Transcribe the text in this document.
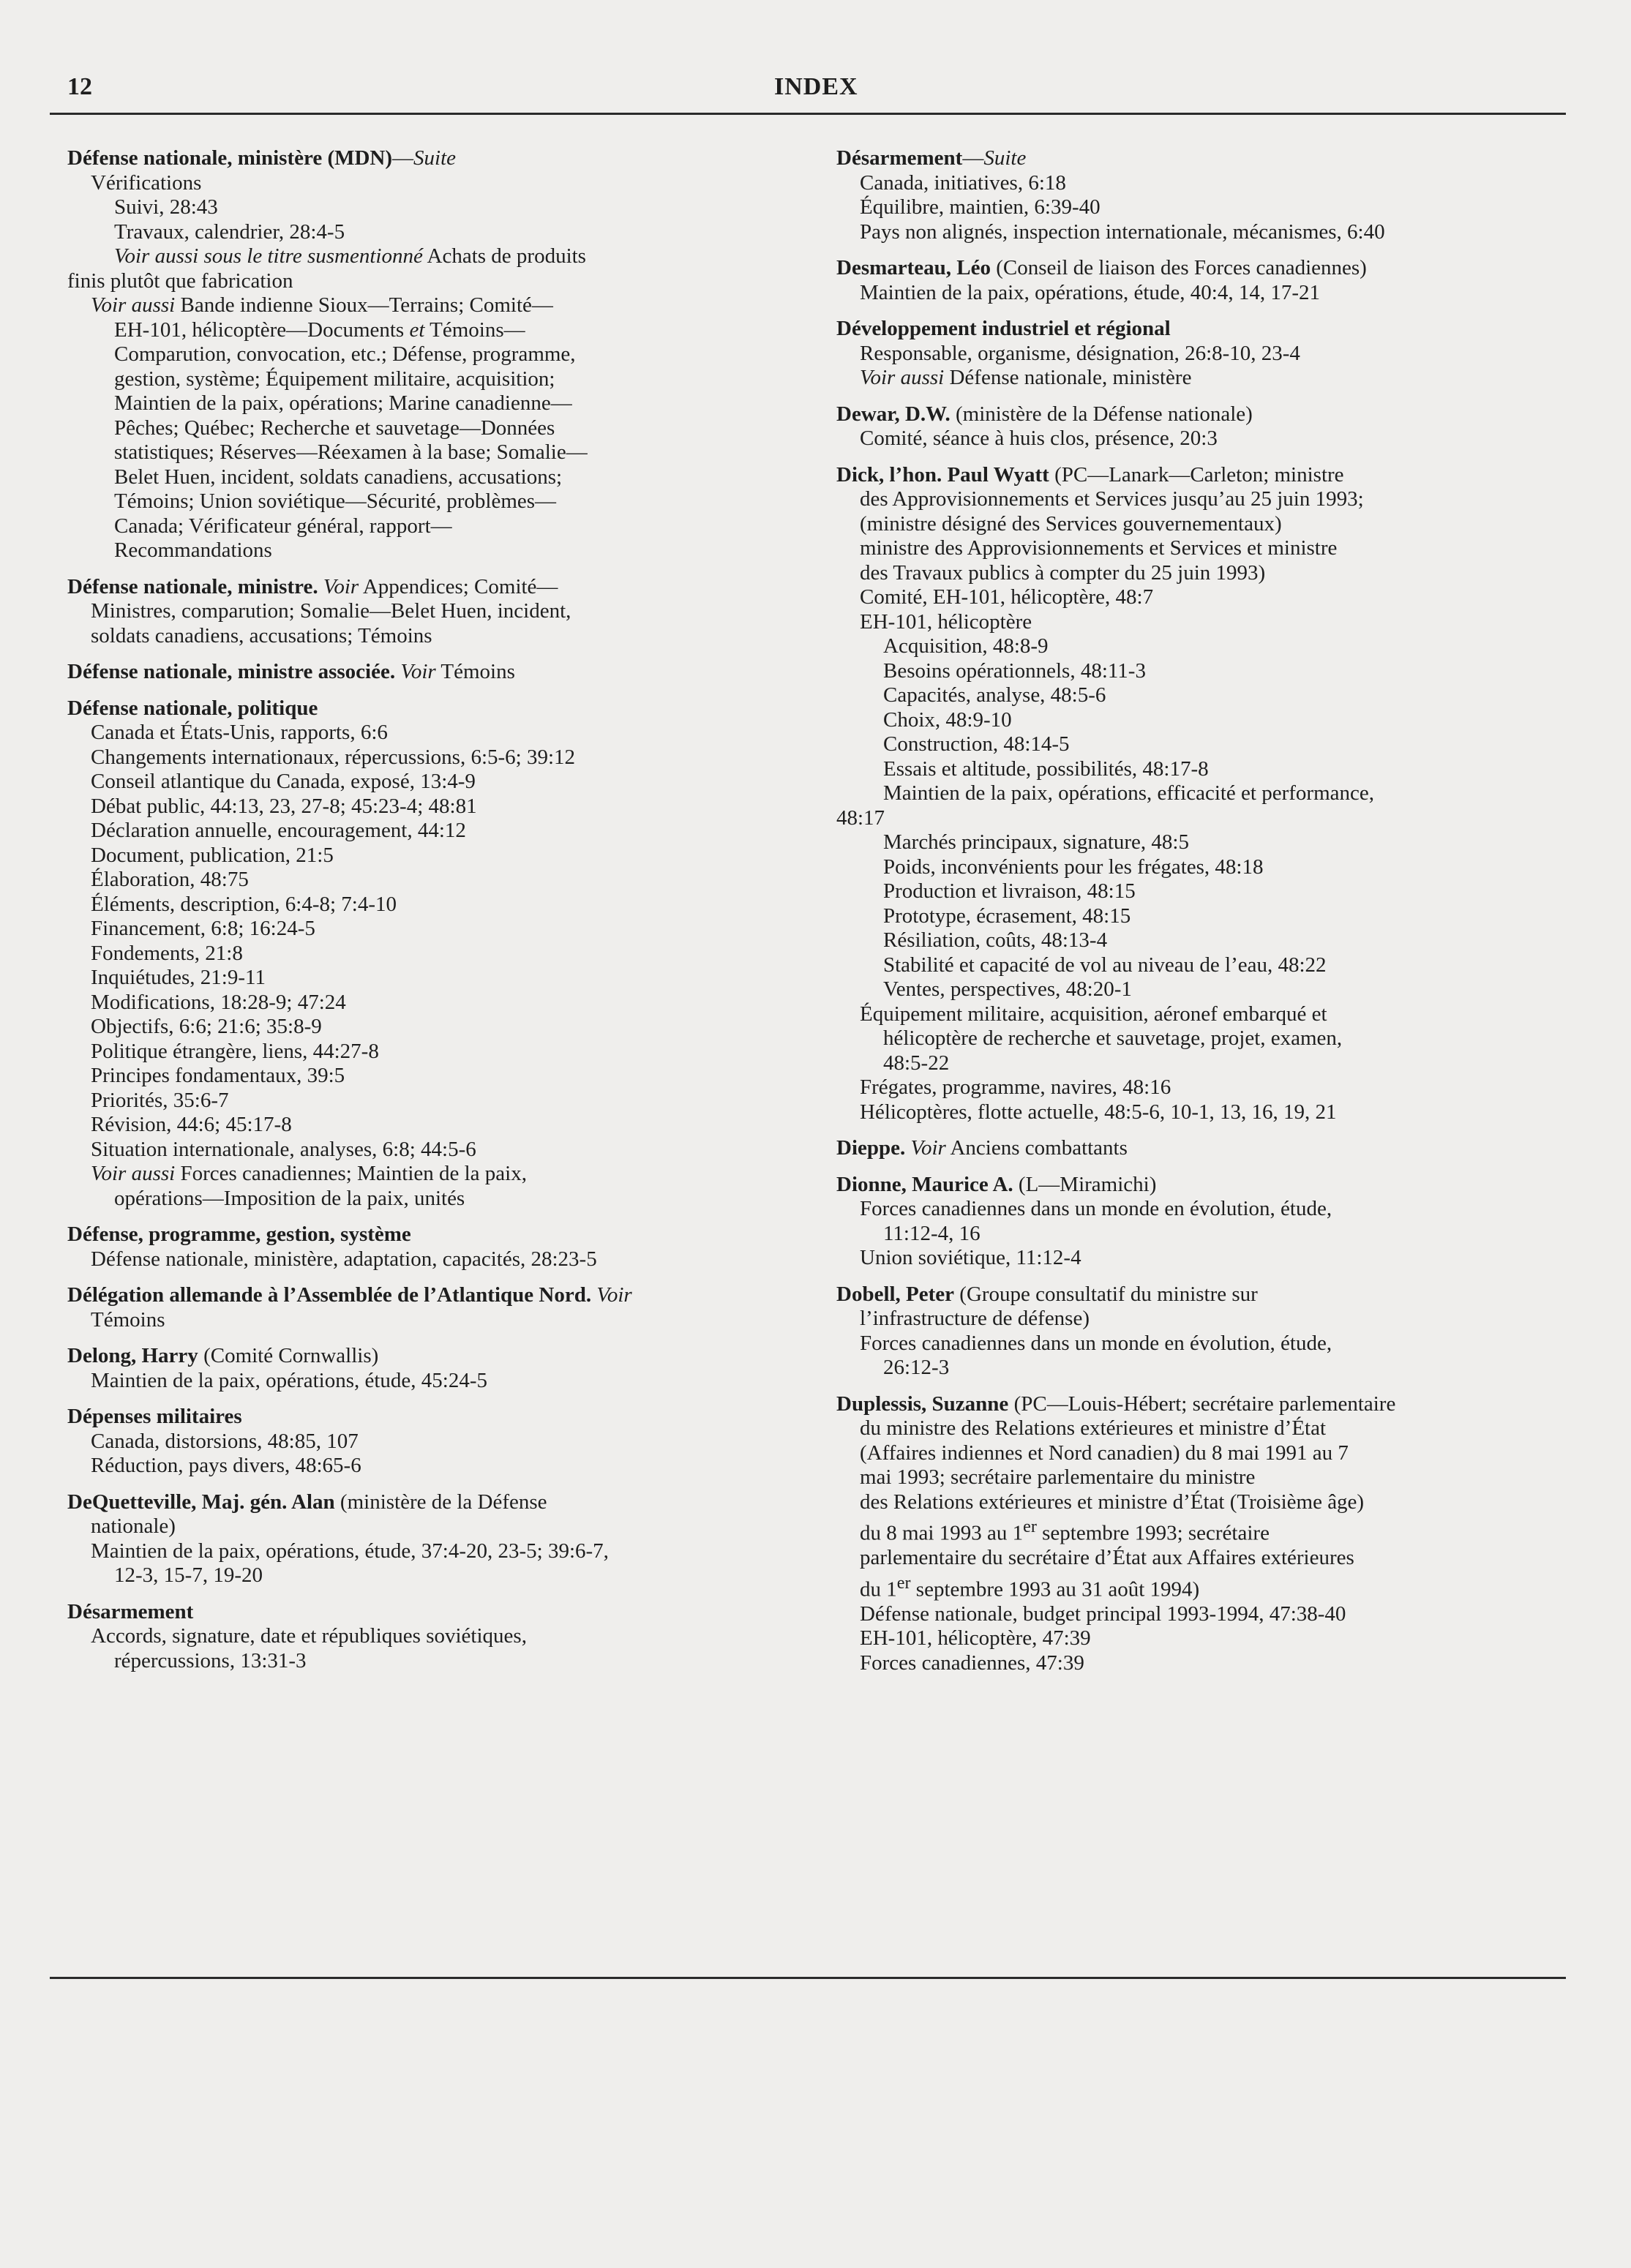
12	INDEX
Défense nationale, ministère (MDN)—Suite
Vérifications
Suivi, 28:43
Travaux, calendrier, 28:4-5
Voir aussi sous le titre susmentionné Achats de produits
finis plutôt que fabrication
Voir aussi Bande indienne Sioux—Terrains; Comité—
EH-101, hélicoptère—Documents et Témoins—
Comparution, convocation, etc.; Défense, programme,
gestion, système; Équipement militaire, acquisition;
Maintien de la paix, opérations; Marine canadienne—
Pêches; Québec; Recherche et sauvetage—Données
statistiques; Réserves—Réexamen à la base; Somalie—
Belet Huen, incident, soldats canadiens, accusations;
Témoins; Union soviétique—Sécurité, problèmes—
Canada; Vérificateur général, rapport—
Recommandations
Défense nationale, ministre. Voir Appendices; Comité—
Ministres, comparution; Somalie—Belet Huen, incident,
soldats canadiens, accusations; Témoins
Défense nationale, ministre associée. Voir Témoins
Défense nationale, politique
Canada et États-Unis, rapports, 6:6
Changements internationaux, répercussions, 6:5-6; 39:12
Conseil atlantique du Canada, exposé, 13:4-9
Débat public, 44:13, 23, 27-8; 45:23-4; 48:81
Déclaration annuelle, encouragement, 44:12
Document, publication, 21:5
Élaboration, 48:75
Éléments, description, 6:4-8; 7:4-10
Financement, 6:8; 16:24-5
Fondements, 21:8
Inquiétudes, 21:9-11
Modifications, 18:28-9; 47:24
Objectifs, 6:6; 21:6; 35:8-9
Politique étrangère, liens, 44:27-8
Principes fondamentaux, 39:5
Priorités, 35:6-7
Révision, 44:6; 45:17-8
Situation internationale, analyses, 6:8; 44:5-6
Voir aussi Forces canadiennes; Maintien de la paix,
opérations—Imposition de la paix, unités
Défense, programme, gestion, système
Défense nationale, ministère, adaptation, capacités, 28:23-5
Délégation allemande à l’Assemblée de l’Atlantique Nord. Voir
Témoins
Delong, Harry (Comité Cornwallis)
Maintien de la paix, opérations, étude, 45:24-5
Dépenses militaires
Canada, distorsions, 48:85, 107
Réduction, pays divers, 48:65-6
DeQuetteville, Maj. gén. Alan (ministère de la Défense
nationale)
Maintien de la paix, opérations, étude, 37:4-20, 23-5; 39:6-7,
12-3, 15-7, 19-20
Désarmement
Accords, signature, date et républiques soviétiques,
répercussions, 13:31-3
Désarmement—Suite
Canada, initiatives, 6:18
Équilibre, maintien, 6:39-40
Pays non alignés, inspection internationale, mécanismes, 6:40
Desmarteau, Léo (Conseil de liaison des Forces canadiennes)
Maintien de la paix, opérations, étude, 40:4, 14, 17-21
Développement industriel et régional
Responsable, organisme, désignation, 26:8-10, 23-4
Voir aussi Défense nationale, ministère
Dewar, D.W. (ministère de la Défense nationale)
Comité, séance à huis clos, présence, 20:3
Dick, l’hon. Paul Wyatt (PC—Lanark—Carleton; ministre
des Approvisionnements et Services jusqu’au 25 juin 1993;
(ministre désigné des Services gouvernementaux)
ministre des Approvisionnements et Services et ministre
des Travaux publics à compter du 25 juin 1993)
Comité, EH-101, hélicoptère, 48:7
EH-101, hélicoptère
Acquisition, 48:8-9
Besoins opérationnels, 48:11-3
Capacités, analyse, 48:5-6
Choix, 48:9-10
Construction, 48:14-5
Essais et altitude, possibilités, 48:17-8
Maintien de la paix, opérations, efficacité et performance,
48:17
Marchés principaux, signature, 48:5
Poids, inconvénients pour les frégates, 48:18
Production et livraison, 48:15
Prototype, écrasement, 48:15
Résiliation, coûts, 48:13-4
Stabilité et capacité de vol au niveau de l’eau, 48:22
Ventes, perspectives, 48:20-1
Équipement militaire, acquisition, aéronef embarqué et
hélicoptère de recherche et sauvetage, projet, examen,
48:5-22
Frégates, programme, navires, 48:16
Hélicoptères, flotte actuelle, 48:5-6, 10-1, 13, 16, 19, 21
Dieppe. Voir Anciens combattants
Dionne, Maurice A. (L—Miramichi)
Forces canadiennes dans un monde en évolution, étude,
11:12-4, 16
Union soviétique, 11:12-4
Dobell, Peter (Groupe consultatif du ministre sur
l’infrastructure de défense)
Forces canadiennes dans un monde en évolution, étude,
26:12-3
Duplessis, Suzanne (PC—Louis-Hébert; secrétaire parlementaire
du ministre des Relations extérieures et ministre d’État
(Affaires indiennes et Nord canadien) du 8 mai 1991 au 7
mai 1993; secrétaire parlementaire du ministre
des Relations extérieures et ministre d’État (Troisième âge)
du 8 mai 1993 au 1er septembre 1993; secrétaire
parlementaire du secrétaire d’État aux Affaires extérieures
du 1er septembre 1993 au 31 août 1994)
Défense nationale, budget principal 1993-1994, 47:38-40
EH-101, hélicoptère, 47:39
Forces canadiennes, 47:39
